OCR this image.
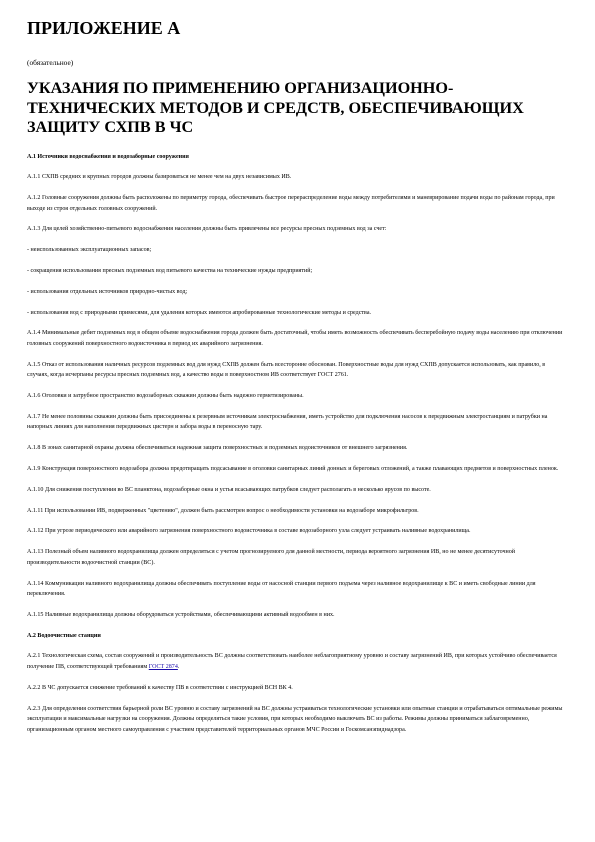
ПРИЛОЖЕНИЕ А

(обязательное)

УКАЗАНИЯ ПО ПРИМЕНЕНИЮ ОРГАНИЗАЦИОННО-ТЕХНИЧЕСКИХ МЕТОДОВ И СРЕДСТВ, ОБЕСПЕЧИВАЮЩИХ ЗАЩИТУ СХПВ В ЧС

А.1 Источники водоснабжения и водозаборные сооружения

А.1.1 СХПВ средних и крупных городов должны базироваться не менее чем на двух независимых ИВ.

А.1.2 Головные сооружения должны быть расположены по периметру города, обеспечивать быстрое перераспределение воды между потребителями и маневрирование подачи воды по районам города, при выходе из строя отдельных головных сооружений.

А.1.3 Для целей хозяйственно-питьевого водоснабжения населения должны быть привлечены все ресурсы пресных подземных вод за счет:

- неиспользованных эксплуатационных запасов;

- сокращения использования пресных подземных вод питьевого качества на технические нужды предприятий;

- использования отдельных источников природно-чистых вод;

- использования вод с природными примесями, для удаления которых имеются апробированные технологические методы и средства.

А.1.4 Минимальные дебит подземных вод в общем объеме водоснабжения города должен быть достаточный, чтобы иметь возможность обеспечивать бесперебойную подачу воды населению при отключении головных сооружений поверхностного водоисточника в период их аварийного загрязнения.

А.1.5 Отказ от использования наличных ресурсов подземных вод для нужд СХПВ должен быть всесторонне обоснован. Поверхностные воды для нужд СХПВ допускается использовать, как правило, в случаях, когда исчерпаны ресурсы пресных подземных вод, а качество воды в поверхностном ИВ соответствует ГОСТ 2761.

А.1.6 Оголовки и затрубное пространство водозаборных скважин должны быть надежно герметизированы.

А.1.7 Не менее половины скважин должны быть присоединены к резервным источникам электроснабжения, иметь устройство для подключения насосов к передвижным электростанциям и патрубки на напорных линиях для наполнения передвижных цистерн и забора воды в переносную тару.

А.1.8 В зонах санитарной охраны должна обеспечиваться надежная защита поверхностных и подземных водоисточников от внешнего загрязнения.

А.1.9 Конструкция поверхностного водозабора должна предотвращать подсасывание в оголовки санитарных линий донных и береговых отложений, а также плавающих предметов и поверхностных пленок.

А.1.10 Для снижения поступления во ВС планктона, водозаборные окна и устья всасывающих патрубков следует располагать в несколько ярусов по высоте.

А.1.11 При использовании ИВ, подверженных "цветению", должен быть рассмотрен вопрос о необходимости установки на водозаборе микрофильтров.

А.1.12 При угрозе периодического или аварийного загрязнения поверхностного водоисточника в составе водозаборного узла следует устраивать наливные водохранилища.

А.1.13 Полезный объем наливного водохранилища должен определяться с учетом прогнозируемого для данной местности, периода вероятного загрязнения ИВ, но не менее десятисуточной производительности водоочистной станции (ВС).

А.1.14 Коммуникации наливного водохранилища должны обеспечивать поступление воды от насосной станции первого подъема через наливное водохранилище к ВС и иметь свободные линии для переключения.

А.1.15 Наливные водохранилища должны оборудоваться устройствами, обеспечивающими активный водообмен в них.

А.2 Водоочистные станции

А.2.1 Технологическая схема, состав сооружений и производительность ВС должны соответствовать наиболее неблагоприятному уровню и составу загрязнений ИВ, при которых устойчиво обеспечивается получение ПВ, соответствующей требованиям ГОСТ 2874.

А.2.2 В ЧС допускается снижение требований к качеству ПВ в соответствии с инструкцией ВСН ВК 4.

А.2.3 Для определения соответствия барьерной роли ВС уровню и составу загрязнений на ВС должны устраиваться технологические установки или опытные станции и отрабатываться оптимальные режимы эксплуатации и максимальные нагрузки на сооружения. Должны определяться такие условия, при которых необходимо выключать ВС из работы. Режимы должны приниматься заблаговременно, организационным органом местного самоуправления с участием представителей территориальных органов МЧС России и Госкомсанэпиднадзора.
